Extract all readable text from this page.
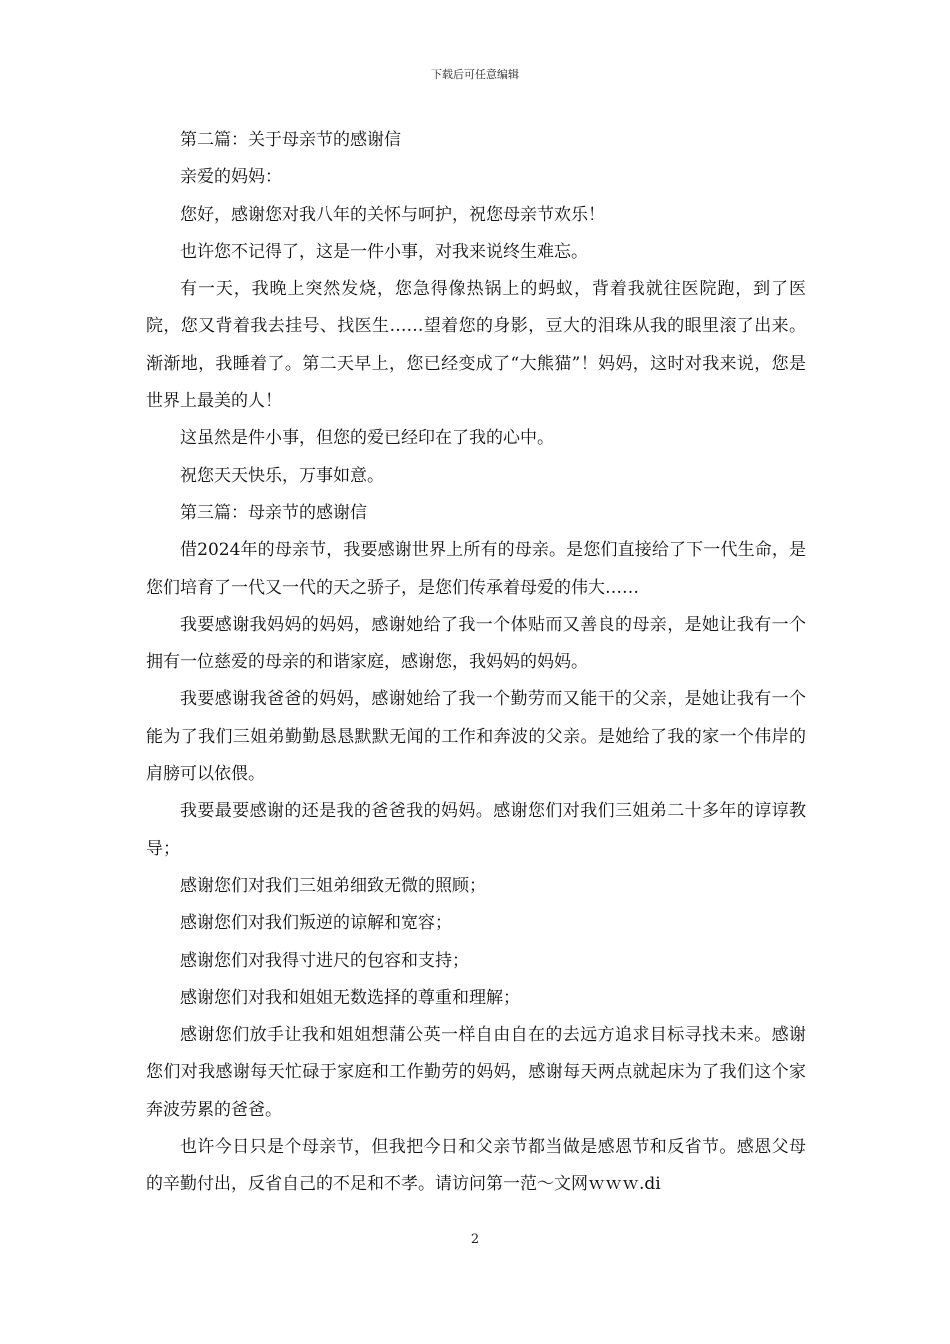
下载后可任意编辑

第二篇：关于母亲节的感谢信

亲爱的妈妈：

您好，感谢您对我八年的关怀与呵护，祝您母亲节欢乐！

也许您不记得了，这是一件小事，对我来说终生难忘。

有一天，我晚上突然发烧，您急得像热锅上的蚂蚁，背着我就往医院跑，到了医院，您又背着我去挂号、找医生……望着您的身影，豆大的泪珠从我的眼里滚了出来。渐渐地，我睡着了。第二天早上，您已经变成了“大熊猫”！妈妈，这时对我来说，您是世界上最美的人！

这虽然是件小事，但您的爱已经印在了我的心中。

祝您天天快乐，万事如意。

第三篇：母亲节的感谢信

借2024年的母亲节，我要感谢世界上所有的母亲。是您们直接给了下一代生命，是您们培育了一代又一代的天之骄子，是您们传承着母爱的伟大……

我要感谢我妈妈的妈妈，感谢她给了我一个体贴而又善良的母亲，是她让我有一个拥有一位慈爱的母亲的和谐家庭，感谢您，我妈妈的妈妈。

我要感谢我爸爸的妈妈，感谢她给了我一个勤劳而又能干的父亲，是她让我有一个能为了我们三姐弟勤勤恳恳默默无闻的工作和奔波的父亲。是她给了我的家一个伟岸的肩膀可以依偎。

我要最要感谢的还是我的爸爸我的妈妈。感谢您们对我们三姐弟二十多年的谆谆教导；

感谢您们对我们三姐弟细致无微的照顾；

感谢您们对我们叛逆的谅解和宽容；

感谢您们对我得寸进尺的包容和支持；

感谢您们对我和姐姐无数选择的尊重和理解；

感谢您们放手让我和姐姐想蒲公英一样自由自在的去远方追求目标寻找未来。感谢您们对我感谢每天忙碌于家庭和工作勤劳的妈妈，感谢每天两点就起床为了我们这个家奔波劳累的爸爸。

也许今日只是个母亲节，但我把今日和父亲节都当做是感恩节和反省节。感恩父母的辛勤付出，反省自己的不足和不孝。请访问第一范～文网ｗｗｗ.di

2
